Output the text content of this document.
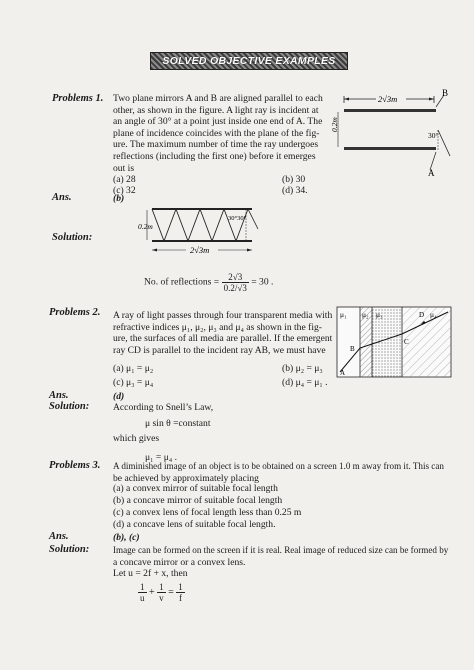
SOLVED OBJECTIVE EXAMPLES
Problems 1. Two plane mirrors A and B are aligned parallel to each
other, as shown in the figure. A light ray is incident at
an angle of 30° at a point just inside one end of A. The
plane of incidence coincides with the plane of the fig-
ure. The maximum number of time the ray undergoes
reflections (including the first one) before it emerges
out is
(a) 28	(b) 30
(c) 32	(d) 34.
2√3m
B
A
0.2m
30°
Ans.	(b)
Solution:
0.2m
30°30°
2√3m
No. of reflections = $\frac{2√3}{0.2/√3} = 30$ .
Problems 2. A ray of light passes through four transparent media with
refractive indices μ₁, μ₂, μ₃ and μ₄ as shown in the fig-
ure, the surfaces of all media are parallel. If the emergent
ray CD is parallel to the incident ray AB, we must have
(a) μ₁ = μ₂	(b) μ₂ = μ₃
(c) μ₃ = μ₄	(d) μ₄ = μ₁ .
μ₁ μ₂ μ₃	μ₄
A
B
C
D
Ans.	(d)
Solution: According to Snell’s Law,
μ sin θ =constant
which gives
μ₁ = μ₄ .
Problems 3. A diminished image of an object is to be obtained on a screen 1.0 m away from it. This can
be achieved by approximately placing
(a) a convex mirror of suitable focal length
(b) a concave mirror of suitable focal length
(c) a convex lens of focal length less than 0.25 m
(d) a concave lens of suitable focal length.
Ans.	(b), (c)
Solution:	Image can be formed on the screen if it is real. Real image of reduced size can be formed by
a concave mirror or a convex lens.
Let u = 2f + x, then
$\frac{1}{u} + \frac{1}{v} = \frac{1}{f}$
